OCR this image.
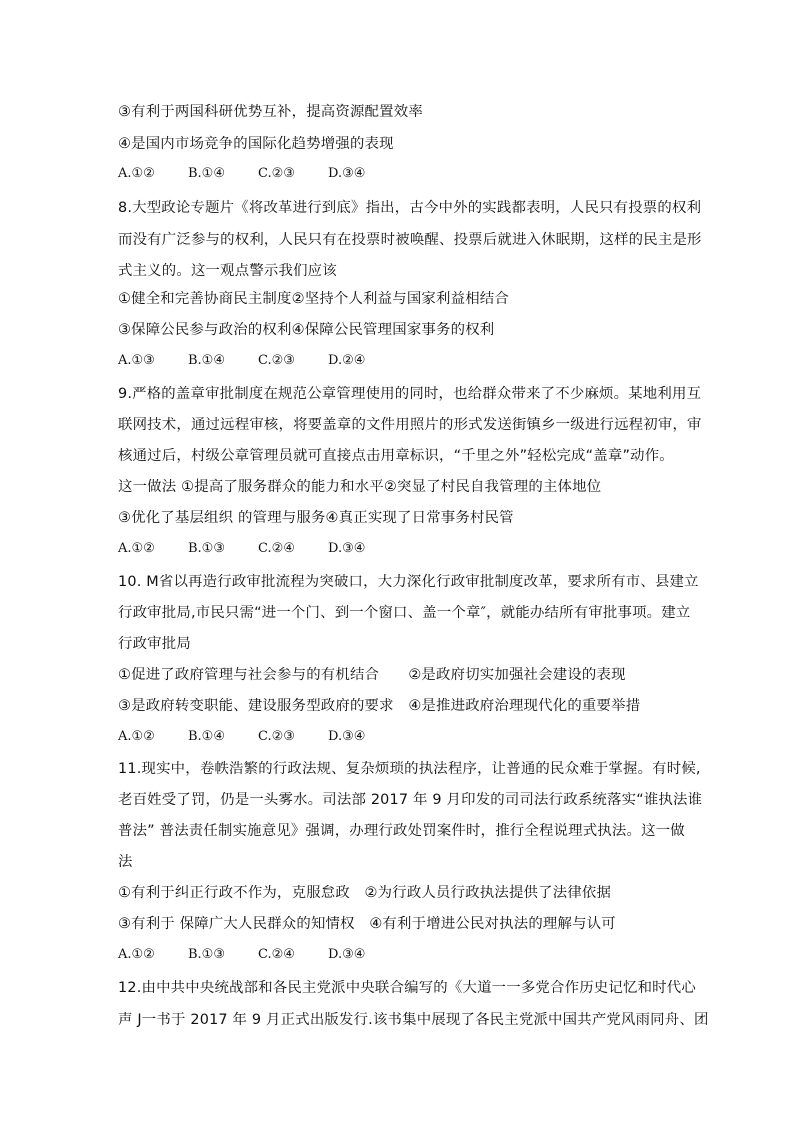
③有利于两国科研优势互补，提高资源配置效率
④是国内市场竞争的国际化趋势增强的表现
A.①②	B.①④	C.②③	D.③④
8.大型政论专题片《将改革进行到底》指出，古今中外的实践都表明，人民只有投票的权利
而没有广泛参与的权利，人民只有在投票时被唤醒、投票后就进入休眠期，这样的民主是形
式主义的。这一观点警示我们应该
①健全和完善协商民主制度②坚持个人利益与国家利益相结合
③保障公民参与政治的权利④保障公民管理国家事务的权利
A.①③	B.①④	C.②③	D.②④
9.严格的盖章审批制度在规范公章管理使用的同时，也给群众带来了不少麻烦。某地利用互
联网技术，通过远程审核，将要盖章的文件用照片的形式发送街镇乡一级进行远程初审，审
核通过后，村级公章管理员就可直接点击用章标识，“千里之外”轻松完成“盖章”动作。
这一做法 ①提高了服务群众的能力和水平②突显了村民自我管理的主体地位
③优化了基层组织 的管理与服务④真正实现了日常事务村民管
A.①②	B.①③	C.②④	D.③④
10. M省以再造行政审批流程为突破口，大力深化行政审批制度改革，要求所有市、县建立
行政审批局,市民只需“进一个门、到一个窗口、盖一个章″，就能办结所有审批事项。建立
行政审批局
①促进了政府管理与社会参与的有机结合　　②是政府切实加强社会建设的表现
③是政府转变职能、建设服务型政府的要求　④是推进政府治理现代化的重要举措
A.①②	B.①④	C.②③	D.③④
11.现实中，卷帙浩繁的行政法规、复杂烦琐的执法程序，让普通的民众难于掌握。有时候,
老百姓受了罚，仍是一头雾水。司法部 2017 年 9 月印发的司司法行政系统落实“谁执法谁
普法” 普法责任制实施意见》强调，办理行政处罚案件时，推行全程说理式执法。这一做
法
①有利于纠正行政不作为，克服怠政　②为行政人员行政执法提供了法律依据
③有利于 保障广大人民群众的知情权　④有利于增进公民对执法的理解与认可
A.①②	B.①③	C.②④	D.③④
12.由中共中央统战部和各民主党派中央联合编写的《大道一一多党合作历史记忆和时代心
声 J一书于 2017 年 9 月正式出版发行.该书集中展现了各民主党派中国共产党风雨同舟、团
